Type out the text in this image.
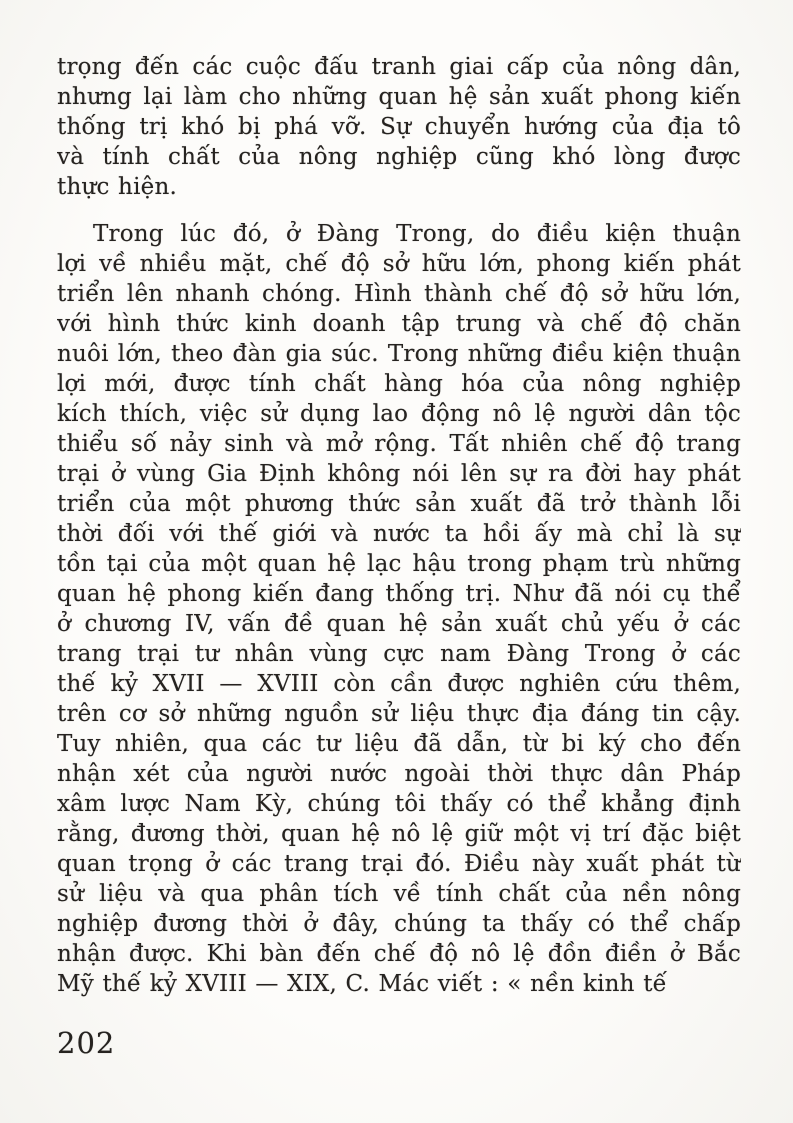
trọng đến các cuộc đấu tranh giai cấp của nông dân,
nhưng lại làm cho những quan hệ sản xuất phong kiến
thống trị khó bị phá vỡ. Sự chuyển hướng của địa tô
và tính chất của nông nghiệp cũng khó lòng được
thực hiện.
Trong lúc đó, ở Đàng Trong, do điều kiện thuận
lợi về nhiều mặt, chế độ sở hữu lớn, phong kiến phát
triển lên nhanh chóng. Hình thành chế độ sở hữu lớn,
với hình thức kinh doanh tập trung và chế độ chăn
nuôi lớn, theo đàn gia súc. Trong những điều kiện thuận
lợi mới, được tính chất hàng hóa của nông nghiệp
kích thích, việc sử dụng lao động nô lệ người dân tộc
thiểu số nảy sinh và mở rộng. Tất nhiên chế độ trang
trại ở vùng Gia Định không nói lên sự ra đời hay phát
triển của một phương thức sản xuất đã trở thành lỗi
thời đối với thế giới và nước ta hồi ấy mà chỉ là sự
tồn tại của một quan hệ lạc hậu trong phạm trù những
quan hệ phong kiến đang thống trị. Như đã nói cụ thể
ở chương IV, vấn đề quan hệ sản xuất chủ yếu ở các
trang trại tư nhân vùng cực nam Đàng Trong ở các
thế kỷ XVII — XVIII còn cần được nghiên cứu thêm,
trên cơ sở những nguồn sử liệu thực địa đáng tin cậy.
Tuy nhiên, qua các tư liệu đã dẫn, từ bi ký cho đến
nhận xét của người nước ngoài thời thực dân Pháp
xâm lược Nam Kỳ, chúng tôi thấy có thể khẳng định
rằng, đương thời, quan hệ nô lệ giữ một vị trí đặc biệt
quan trọng ở các trang trại đó. Điều này xuất phát từ
sử liệu và qua phân tích về tính chất của nền nông
nghiệp đương thời ở đây, chúng ta thấy có thể chấp
nhận được. Khi bàn đến chế độ nô lệ đồn điền ở Bắc
Mỹ thế kỷ XVIII — XIX, C. Mác viết : « nền kinh tế
202
